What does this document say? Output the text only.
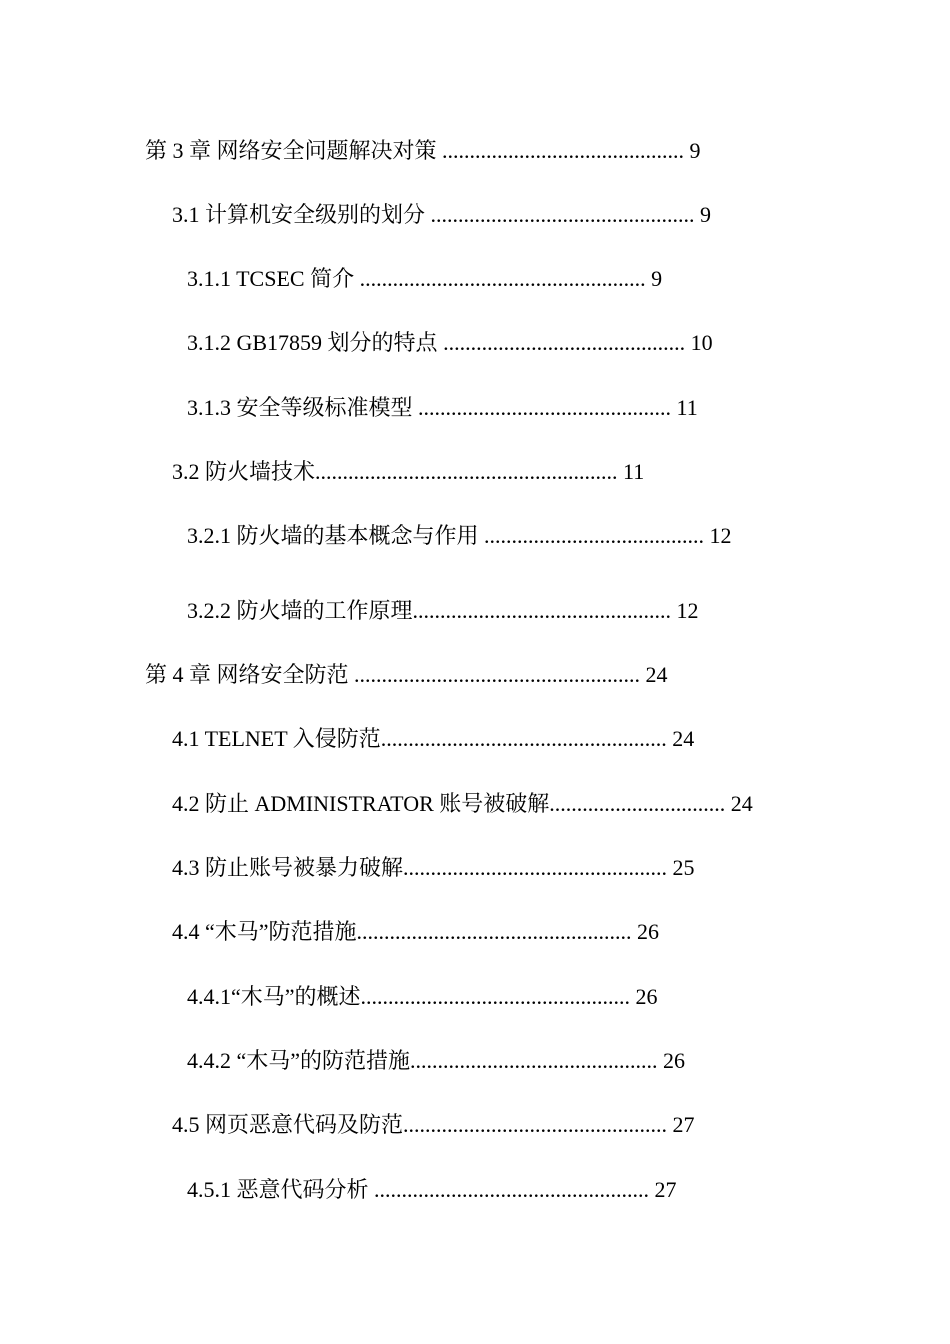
第 3 章 网络安全问题解决对策 ............................................ 9
3.1 计算机安全级别的划分 ................................................ 9
3.1.1 TCSEC 简介 .................................................... 9
3.1.2 GB17859 划分的特点 ............................................ 10
3.1.3 安全等级标准模型 .............................................. 11
3.2 防火墙技术....................................................... 11
3.2.1 防火墙的基本概念与作用 ........................................ 12
3.2.2 防火墙的工作原理............................................... 12
第 4 章 网络安全防范 .................................................... 24
4.1 TELNET 入侵防范.................................................... 24
4.2 防止 ADMINISTRATOR 账号被破解................................ 24
4.3 防止账号被暴力破解................................................ 25
4.4 “木马”防范措施.................................................. 26
4.4.1“木马”的概述................................................. 26
4.4.2 “木马”的防范措施............................................. 26
4.5 网页恶意代码及防范................................................ 27
4.5.1 恶意代码分析 .................................................. 27
